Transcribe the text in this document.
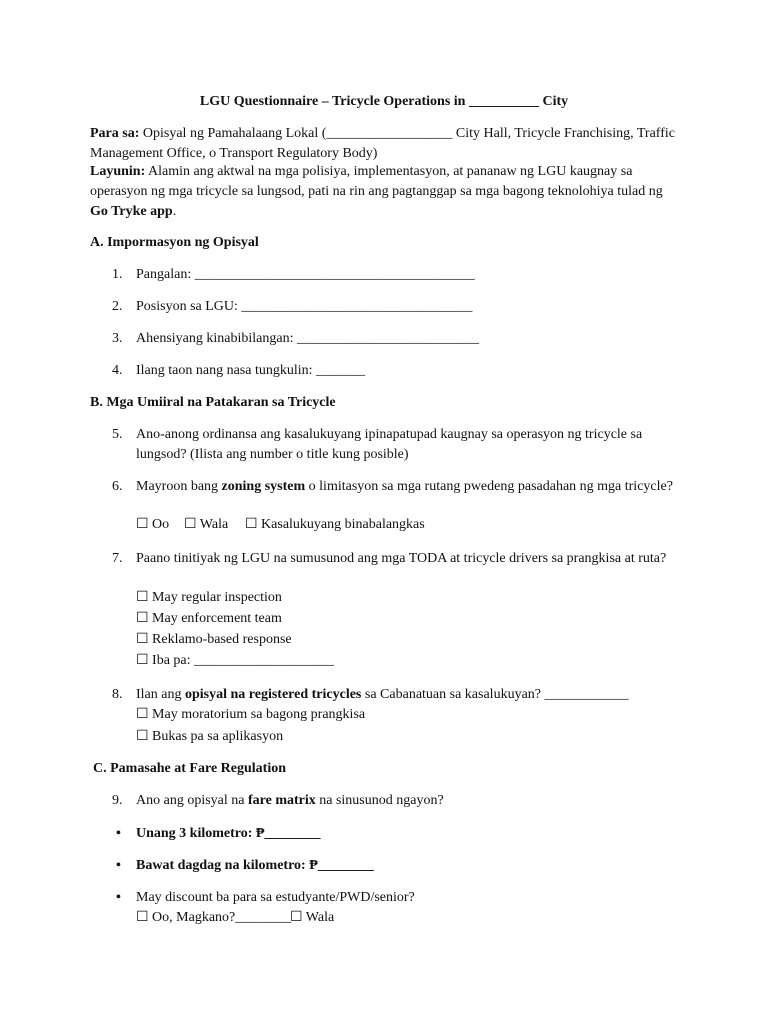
LGU Questionnaire – Tricycle Operations in __________ City
Para sa: Opisyal ng Pamahalaang Lokal (__________________ City Hall, Tricycle Franchising, Traffic Management Office, o Transport Regulatory Body)
Layunin: Alamin ang aktwal na mga polisiya, implementasyon, at pananaw ng LGU kaugnay sa operasyon ng mga tricycle sa lungsod, pati na rin ang pagtanggap sa mga bagong teknolohiya tulad ng Go Tryke app.
A. Impormasyon ng Opisyal
1. Pangalan: ________________________________________
2. Posisyon sa LGU: _________________________________
3. Ahensiyang kinabibilangan: __________________________
4. Ilang taon nang nasa tungkulin: _______
B. Mga Umiiral na Patakaran sa Tricycle
5. Ano-anong ordinansa ang kasalukuyang ipinapatupad kaugnay sa operasyon ng tricycle sa lungsod? (Ilista ang number o title kung posible)
6. Mayroon bang zoning system o limitasyon sa mga rutang pwedeng pasadahan ng mga tricycle?
☐ Oo ☐ Wala ☐ Kasalukuyang binabalangkas
7. Paano tinitiyak ng LGU na sumusunod ang mga TODA at tricycle drivers sa prangkisa at ruta?
☐ May regular inspection
☐ May enforcement team
☐ Reklamo-based response
☐ Iba pa: ____________________
8. Ilan ang opisyal na registered tricycles sa Cabanatuan sa kasalukuyan? ____________
☐ May moratorium sa bagong prangkisa
☐ Bukas pa sa aplikasyon
C. Pamasahe at Fare Regulation
9. Ano ang opisyal na fare matrix na sinusunod ngayon?
• Unang 3 kilometro: ₱________
• Bawat dagdag na kilometro: ₱________
• May discount ba para sa estudyante/PWD/senior?
☐ Oo, Magkano?________
☐ Wala
